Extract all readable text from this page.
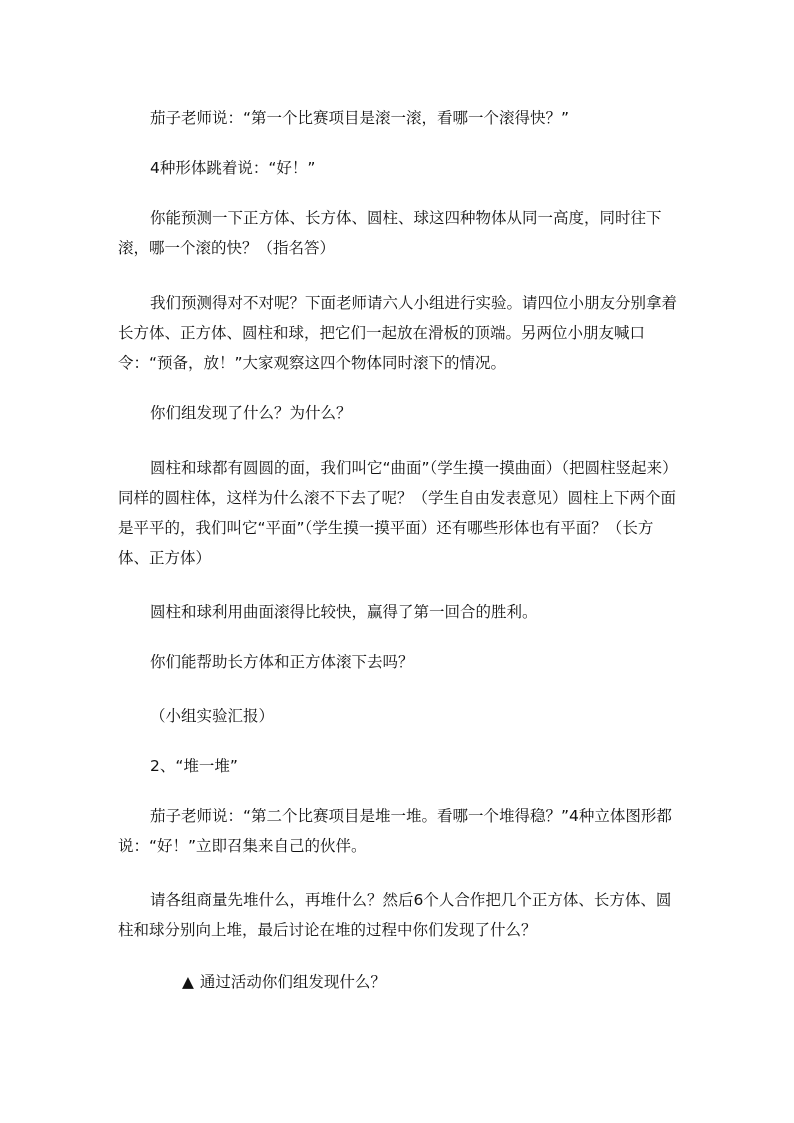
茄子老师说：“第一个比赛项目是滚一滚，看哪一个滚得快？”

4种形体跳着说：“好！”

你能预测一下正方体、长方体、圆柱、球这四种物体从同一高度，同时往下滚，哪一个滚的快？（指名答）

我们预测得对不对呢？下面老师请六人小组进行实验。请四位小朋友分别拿着长方体、正方体、圆柱和球，把它们一起放在滑板的顶端。另两位小朋友喊口令：“预备，放！”大家观察这四个物体同时滚下的情况。

你们组发现了什么？为什么？

圆柱和球都有圆圆的面，我们叫它“曲面”（学生摸一摸曲面）（把圆柱竖起来）同样的圆柱体，这样为什么滚不下去了呢？（学生自由发表意见）圆柱上下两个面是平平的，我们叫它“平面”（学生摸一摸平面）还有哪些形体也有平面？（长方体、正方体）

圆柱和球利用曲面滚得比较快，赢得了第一回合的胜利。

你们能帮助长方体和正方体滚下去吗？

（小组实验汇报）

2、“堆一堆”

茄子老师说：“第二个比赛项目是堆一堆。看哪一个堆得稳？”4种立体图形都说：“好！”立即召集来自己的伙伴。

请各组商量先堆什么，再堆什么？然后6个人合作把几个正方体、长方体、圆柱和球分别向上堆，最后讨论在堆的过程中你们发现了什么？

▲ 通过活动你们组发现什么？
